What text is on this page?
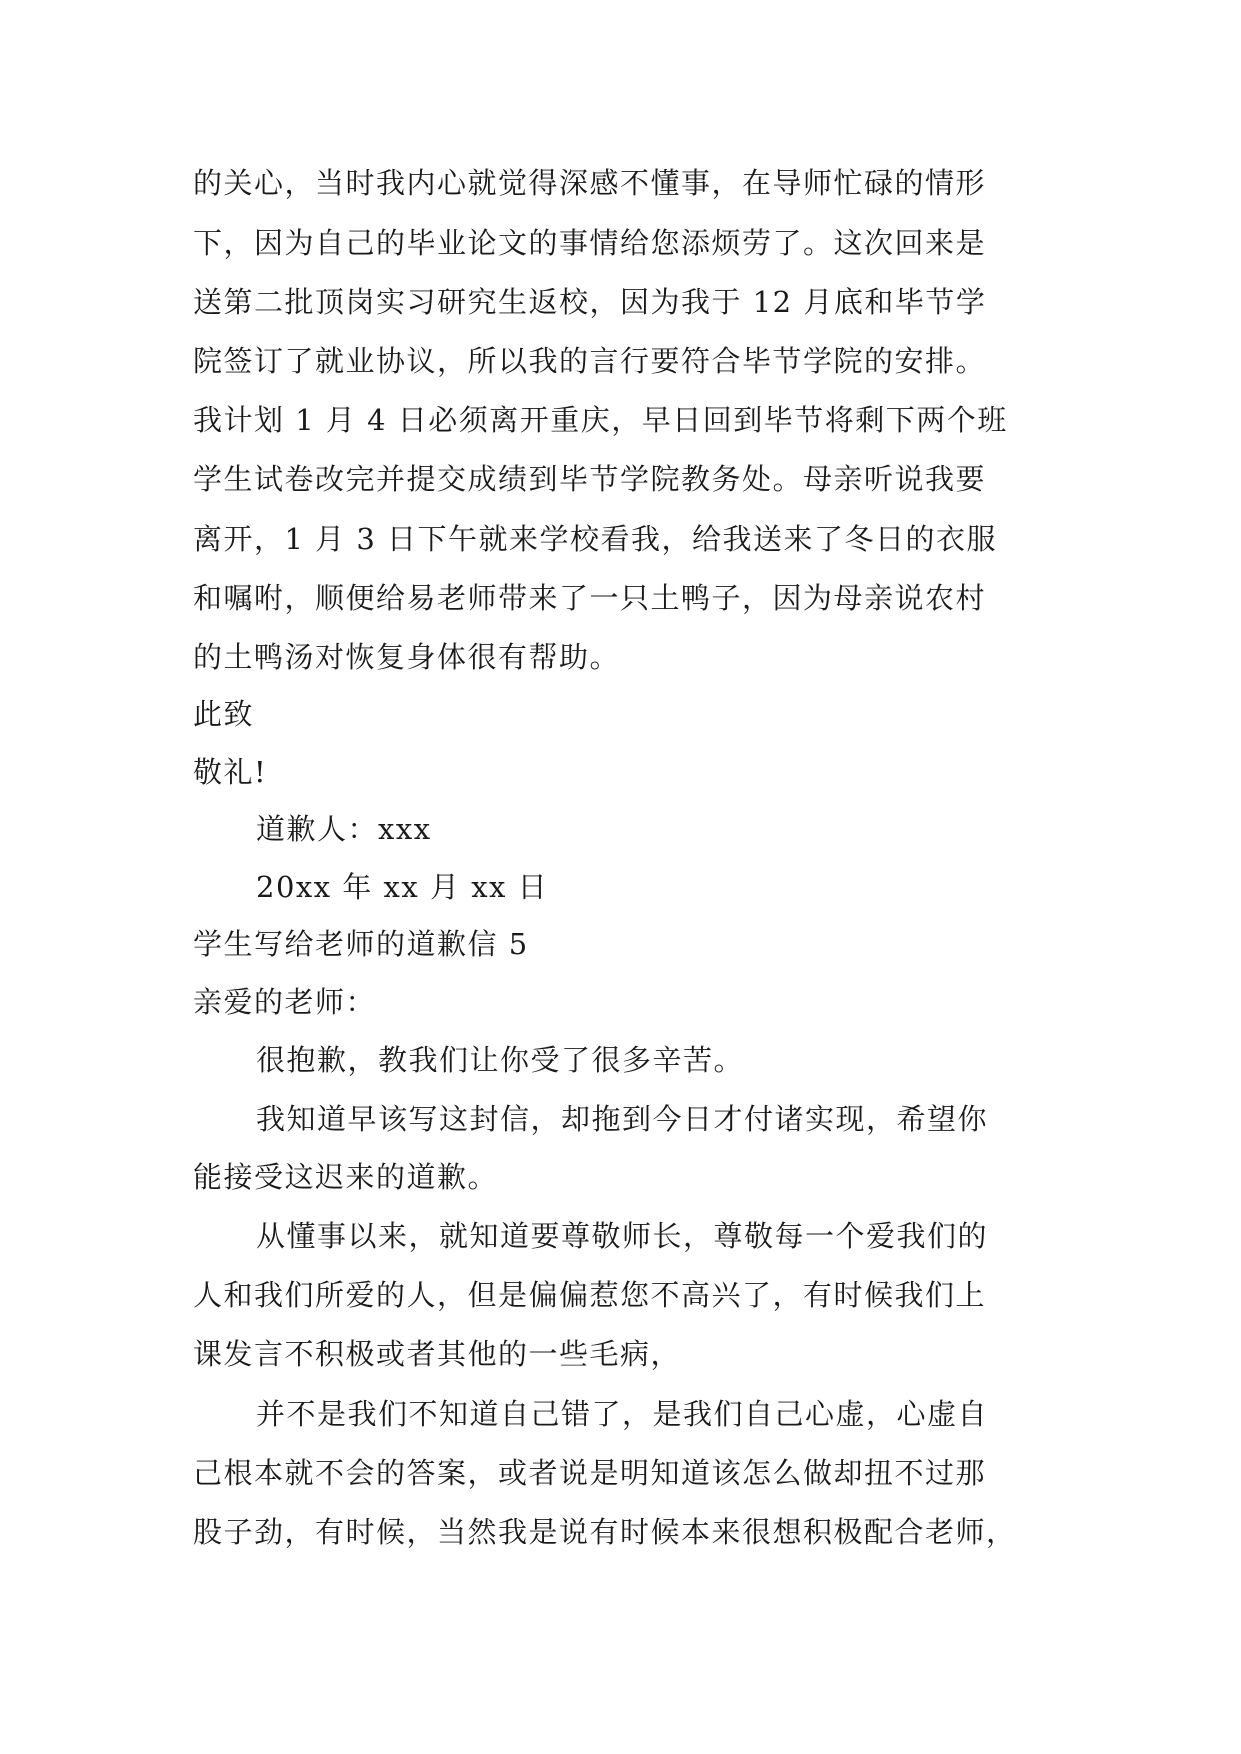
的关心，当时我内心就觉得深感不懂事，在导师忙碌的情形
下，因为自己的毕业论文的事情给您添烦劳了。这次回来是
送第二批顶岗实习研究生返校，因为我于 12 月底和毕节学
院签订了就业协议，所以我的言行要符合毕节学院的安排。
我计划 1 月 4 日必须离开重庆，早日回到毕节将剩下两个班
学生试卷改完并提交成绩到毕节学院教务处。母亲听说我要
离开，1 月 3 日下午就来学校看我，给我送来了冬日的衣服
和嘱咐，顺便给易老师带来了一只土鸭子，因为母亲说农村
的土鸭汤对恢复身体很有帮助。
此致
敬礼!
道歉人：xxx
20xx 年 xx 月 xx 日
学生写给老师的道歉信 5
亲爱的老师：
很抱歉，教我们让你受了很多辛苦。
我知道早该写这封信，却拖到今日才付诸实现，希望你
能接受这迟来的道歉。
从懂事以来，就知道要尊敬师长，尊敬每一个爱我们的
人和我们所爱的人，但是偏偏惹您不高兴了，有时候我们上
课发言不积极或者其他的一些毛病，
并不是我们不知道自己错了，是我们自己心虚，心虚自
己根本就不会的答案，或者说是明知道该怎么做却扭不过那
股子劲，有时候，当然我是说有时候本来很想积极配合老师，
